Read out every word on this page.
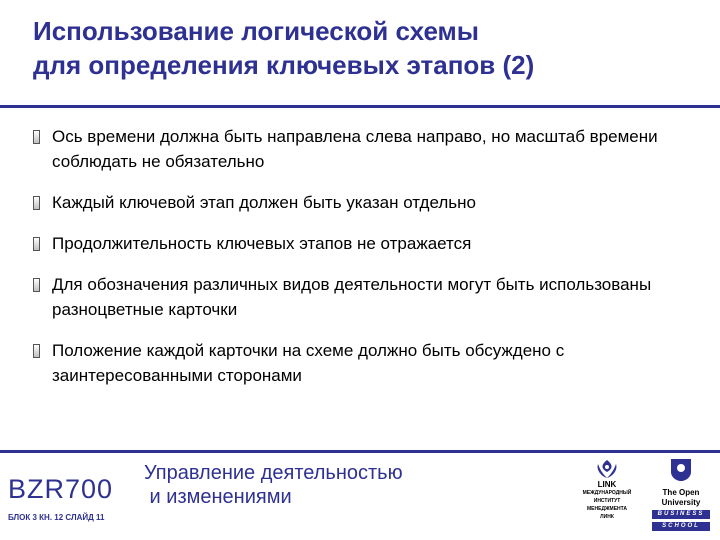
Использование логической схемы
для определения ключевых этапов (2)
Ось времени должна быть направлена слева направо, но масштаб времени соблюдать не обязательно
Каждый ключевой этап должен быть указан отдельно
Продолжительность ключевых этапов не отражается
Для обозначения различных видов деятельности могут быть использованы разноцветные карточки
Положение каждой карточки на схеме должно быть обсуждено с заинтересованными сторонами
BZR700
БЛОК 3 КН. 12 СЛАЙД 11
Управление деятельностью
и изменениями
LINK
МЕЖДУНАРОДНЫЙ
ИНСТИТУТ
МЕНЕДЖМЕНТА
ЛИНК
The Open
University
BUSINESS
SCHOOL
